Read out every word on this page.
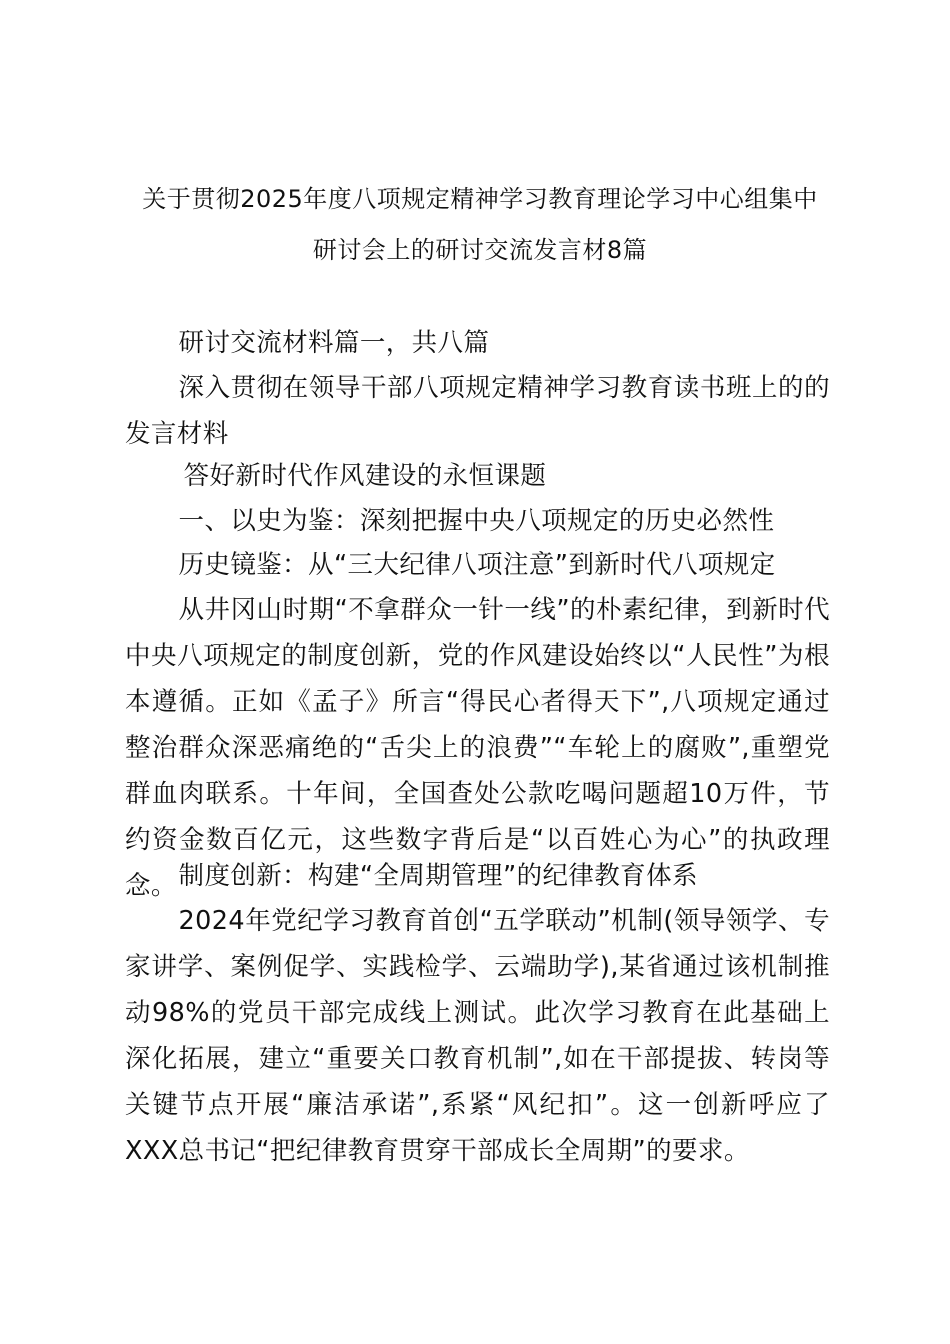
关于贯彻2025年度八项规定精神学习教育理论学习中心组集中
研讨会上的研讨交流发言材8篇

研讨交流材料篇一，共八篇

深入贯彻在领导干部八项规定精神学习教育读书班上的的发言材料

答好新时代作风建设的永恒课题

一、以史为鉴：深刻把握中央八项规定的历史必然性

历史镜鉴：从“三大纪律八项注意”到新时代八项规定

从井冈山时期“不拿群众一针一线”的朴素纪律，到新时代中央八项规定的制度创新，党的作风建设始终以“人民性”为根本遵循。正如《孟子》所言“得民心者得天下”,八项规定通过整治群众深恶痛绝的“舌尖上的浪费”“车轮上的腐败”,重塑党群血肉联系。十年间，全国查处公款吃喝问题超10万件，节约资金数百亿元，这些数字背后是“以百姓心为心”的执政理念。 制度创新：构建“全周期管理”的纪律教育体系

2024年党纪学习教育首创“五学联动”机制(领导领学、专家讲学、案例促学、实践检学、云端助学),某省通过该机制推动98%的党员干部完成线上测试。此次学习教育在此基础上深化拓展，建立“重要关口教育机制”,如在干部提拔、转岗等关键节点开展“廉洁承诺”,系紧“风纪扣”。这一创新呼应了XXX总书记“把纪律教育贯穿干部成长全周期”的要求。
